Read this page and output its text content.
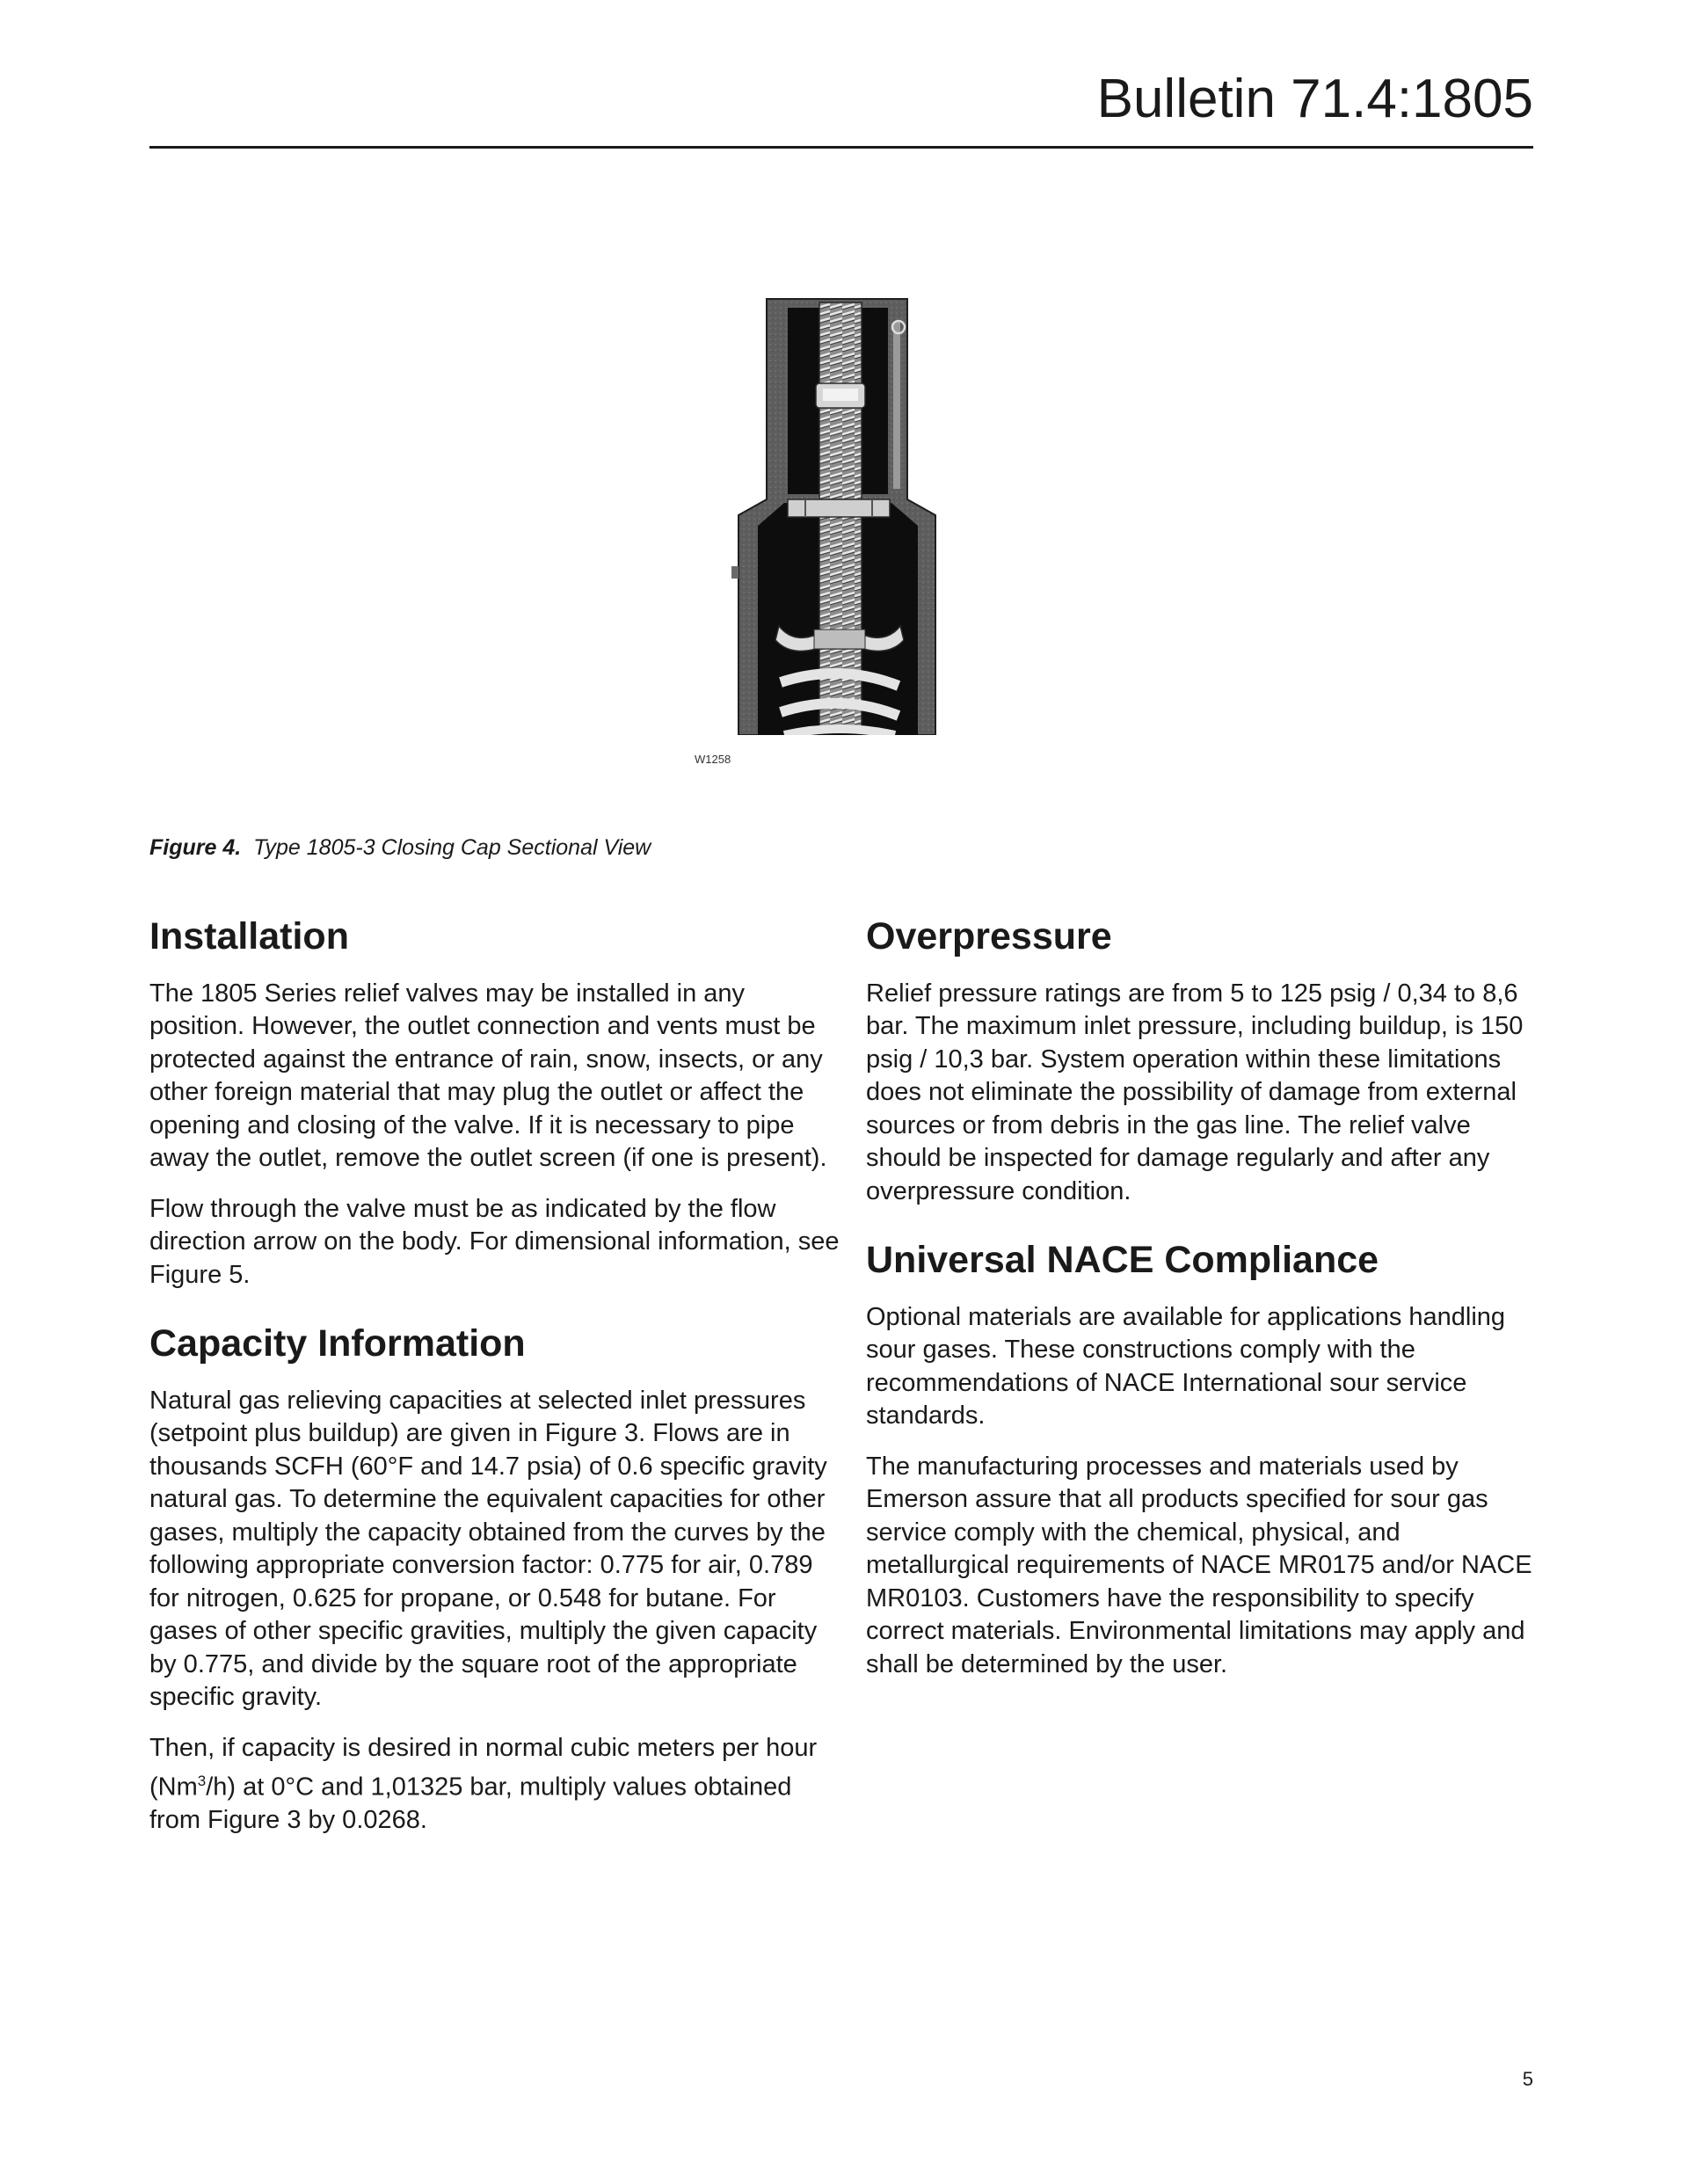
Bulletin 71.4:1805
W1258
Figure 4. Type 1805-3 Closing Cap Sectional View
Installation

The 1805 Series relief valves may be installed in any position. However, the outlet connection and vents must be protected against the entrance of rain, snow, insects, or any other foreign material that may plug the outlet or affect the opening and closing of the valve. If it is necessary to pipe away the outlet, remove the outlet screen (if one is present).

Flow through the valve must be as indicated by the flow direction arrow on the body. For dimensional information, see Figure 5.

Capacity Information

Natural gas relieving capacities at selected inlet pressures (setpoint plus buildup) are given in Figure 3. Flows are in thousands SCFH (60°F and 14.7 psia) of 0.6 specific gravity natural gas. To determine the equivalent capacities for other gases, multiply the capacity obtained from the curves by the following appropriate conversion factor: 0.775 for air, 0.789 for nitrogen, 0.625 for propane, or 0.548 for butane. For gases of other specific gravities, multiply the given capacity by 0.775, and divide by the square root of the appropriate specific gravity.

Then, if capacity is desired in normal cubic meters per hour (Nm$^3$/h) at 0°C and 1,01325 bar, multiply values obtained from Figure 3 by 0.0268.

Overpressure

Relief pressure ratings are from 5 to 125 psig / 0,34 to 8,6 bar. The maximum inlet pressure, including buildup, is 150 psig / 10,3 bar. System operation within these limitations does not eliminate the possibility of damage from external sources or from debris in the gas line. The relief valve should be inspected for damage regularly and after any overpressure condition.

Universal NACE Compliance

Optional materials are available for applications handling sour gases. These constructions comply with the recommendations of NACE International sour service standards.

The manufacturing processes and materials used by Emerson assure that all products specified for sour gas service comply with the chemical, physical, and metallurgical requirements of NACE MR0175 and/or NACE MR0103. Customers have the responsibility to specify correct materials. Environmental limitations may apply and shall be determined by the user.

5
